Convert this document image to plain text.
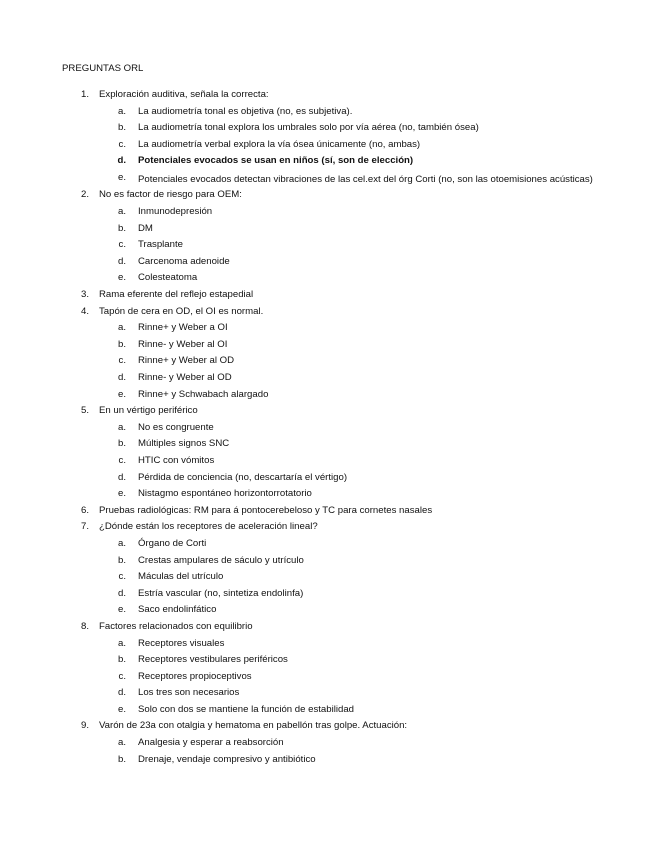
PREGUNTAS ORL
1. Exploración auditiva, señala la correcta:
a. La audiometría tonal es objetiva (no, es subjetiva).
b. La audiometría tonal explora los umbrales solo por vía aérea (no, también ósea)
c. La audiometría verbal explora la vía ósea únicamente (no, ambas)
d. Potenciales evocados se usan en niños (sí, son de elección)
e. Potenciales evocados detectan vibraciones de las cel.ext del órg Corti (no, son las otoemisiones acústicas)
2. No es factor de riesgo para OEM:
a. Inmunodepresión
b. DM
c. Trasplante
d. Carcenoma adenoide
e. Colesteatoma
3. Rama eferente del reflejo estapedial
4. Tapón de cera en OD, el OI es normal.
a. Rinne+ y Weber a OI
b. Rinne- y Weber al OI
c. Rinne+ y Weber al OD
d. Rinne- y Weber al OD
e. Rinne+ y Schwabach alargado
5. En un vértigo periférico
a. No es congruente
b. Múltiples signos SNC
c. HTIC con vómitos
d. Pérdida de conciencia (no, descartaría el vértigo)
e. Nistagmo espontáneo horizontorrotatorio
6. Pruebas radiológicas: RM para á pontocerebeloso y TC para cornetes nasales
7. ¿Dónde están los receptores de aceleración lineal?
a. Órgano de Corti
b. Crestas ampulares de sáculo y utrículo
c. Máculas del utrículo
d. Estría vascular (no, sintetiza endolinfa)
e. Saco endolinfático
8. Factores relacionados con equilibrio
a. Receptores visuales
b. Receptores vestibulares periféricos
c. Receptores propioceptivos
d. Los tres son necesarios
e. Solo con dos se mantiene la función de estabilidad
9. Varón de 23a con otalgia y hematoma en pabellón tras golpe. Actuación:
a. Analgesia y esperar a reabsorción
b. Drenaje, vendaje compresivo y antibiótico
